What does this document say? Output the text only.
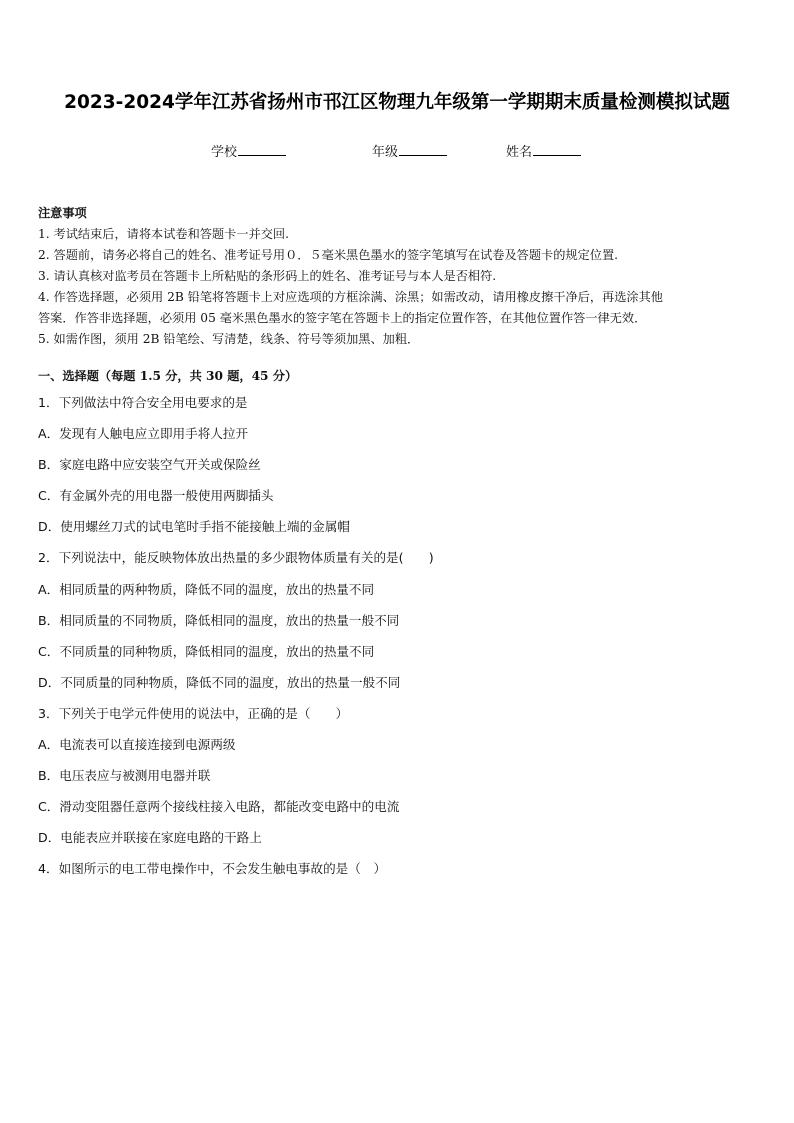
2023-2024学年江苏省扬州市邗江区物理九年级第一学期期末质量检测模拟试题
学校	年级	姓名

注意事项

1. 考试结束后，请将本试卷和答题卡一并交回.

2. 答题前，请务必将自己的姓名、准考证号用０．５毫米黑色墨水的签字笔填写在试卷及答题卡的规定位置.

3. 请认真核对监考员在答题卡上所粘贴的条形码上的姓名、准考证号与本人是否相符.

4. 作答选择题，必须用 2B 铅笔将答题卡上对应选项的方框涂满、涂黑；如需改动，请用橡皮擦干净后，再选涂其他

答案．作答非选择题，必须用 05 毫米黑色墨水的签字笔在答题卡上的指定位置作答，在其他位置作答一律无效．

5. 如需作图，须用 2B 铅笔绘、写清楚，线条、符号等须加黑、加粗．

一、选择题（每题 1.5 分，共 30 题，45 分）
1．下列做法中符合安全用电要求的是
A．发现有人触电应立即用手将人拉开
B．家庭电路中应安装空气开关或保险丝
C．有金属外壳的用电器一般使用两脚插头
D．使用螺丝刀式的试电笔时手指不能接触上端的金属帽
2．下列说法中，能反映物体放出热量的多少跟物体质量有关的是(　　)
A．相同质量的两种物质，降低不同的温度，放出的热量不同
B．相同质量的不同物质，降低相同的温度，放出的热量一般不同
C．不同质量的同种物质，降低相同的温度，放出的热量不同
D．不同质量的同种物质，降低不同的温度，放出的热量一般不同
3．下列关于电学元件使用的说法中，正确的是（　　）
A．电流表可以直接连接到电源两级
B．电压表应与被测用电器并联
C．滑动变阻器任意两个接线柱接入电路，都能改变电路中的电流
D．电能表应并联接在家庭电路的干路上
4．如图所示的电工带电操作中，不会发生触电事故的是（　）
